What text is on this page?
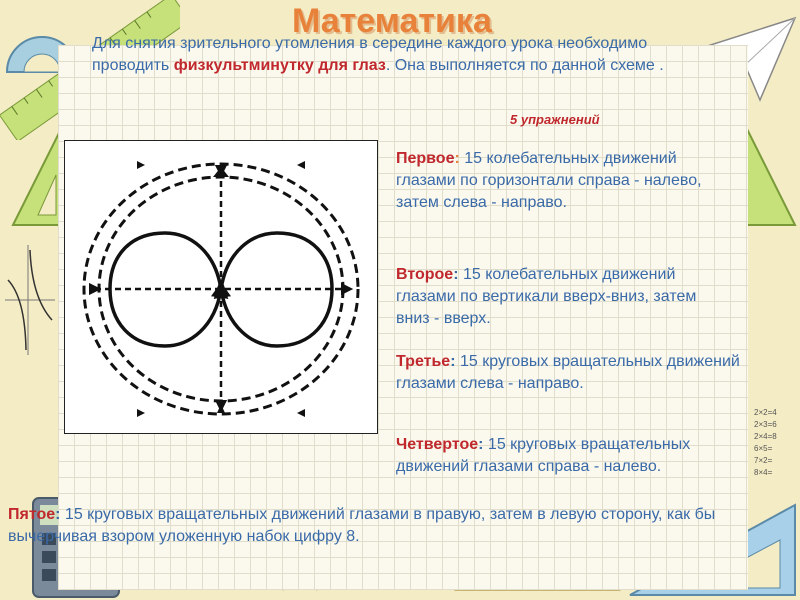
2×2=4
2×3=6
2×4=8
6×5=
7×2=
8×4=
Математика
Для снятия зрительного утомления в середине каждого урока необходимо проводить физкультминутку для глаз. Она выполняется по данной схеме .
5 упражнений
Первое: 15 колебательных движений глазами по горизонтали справа - налево, затем слева - направо.
Второе: 15 колебательных движений глазами по вертикали вверх-вниз, затем вниз - вверх.
Третье: 15 круговых вращательных движений глазами слева - направо.
Четвертое: 15 круговых вращательных движений глазами справа - налево.
Пятое: 15 круговых вращательных движений глазами в правую, затем в левую сторону, как бы вычерчивая взором уложенную набок цифру 8.
